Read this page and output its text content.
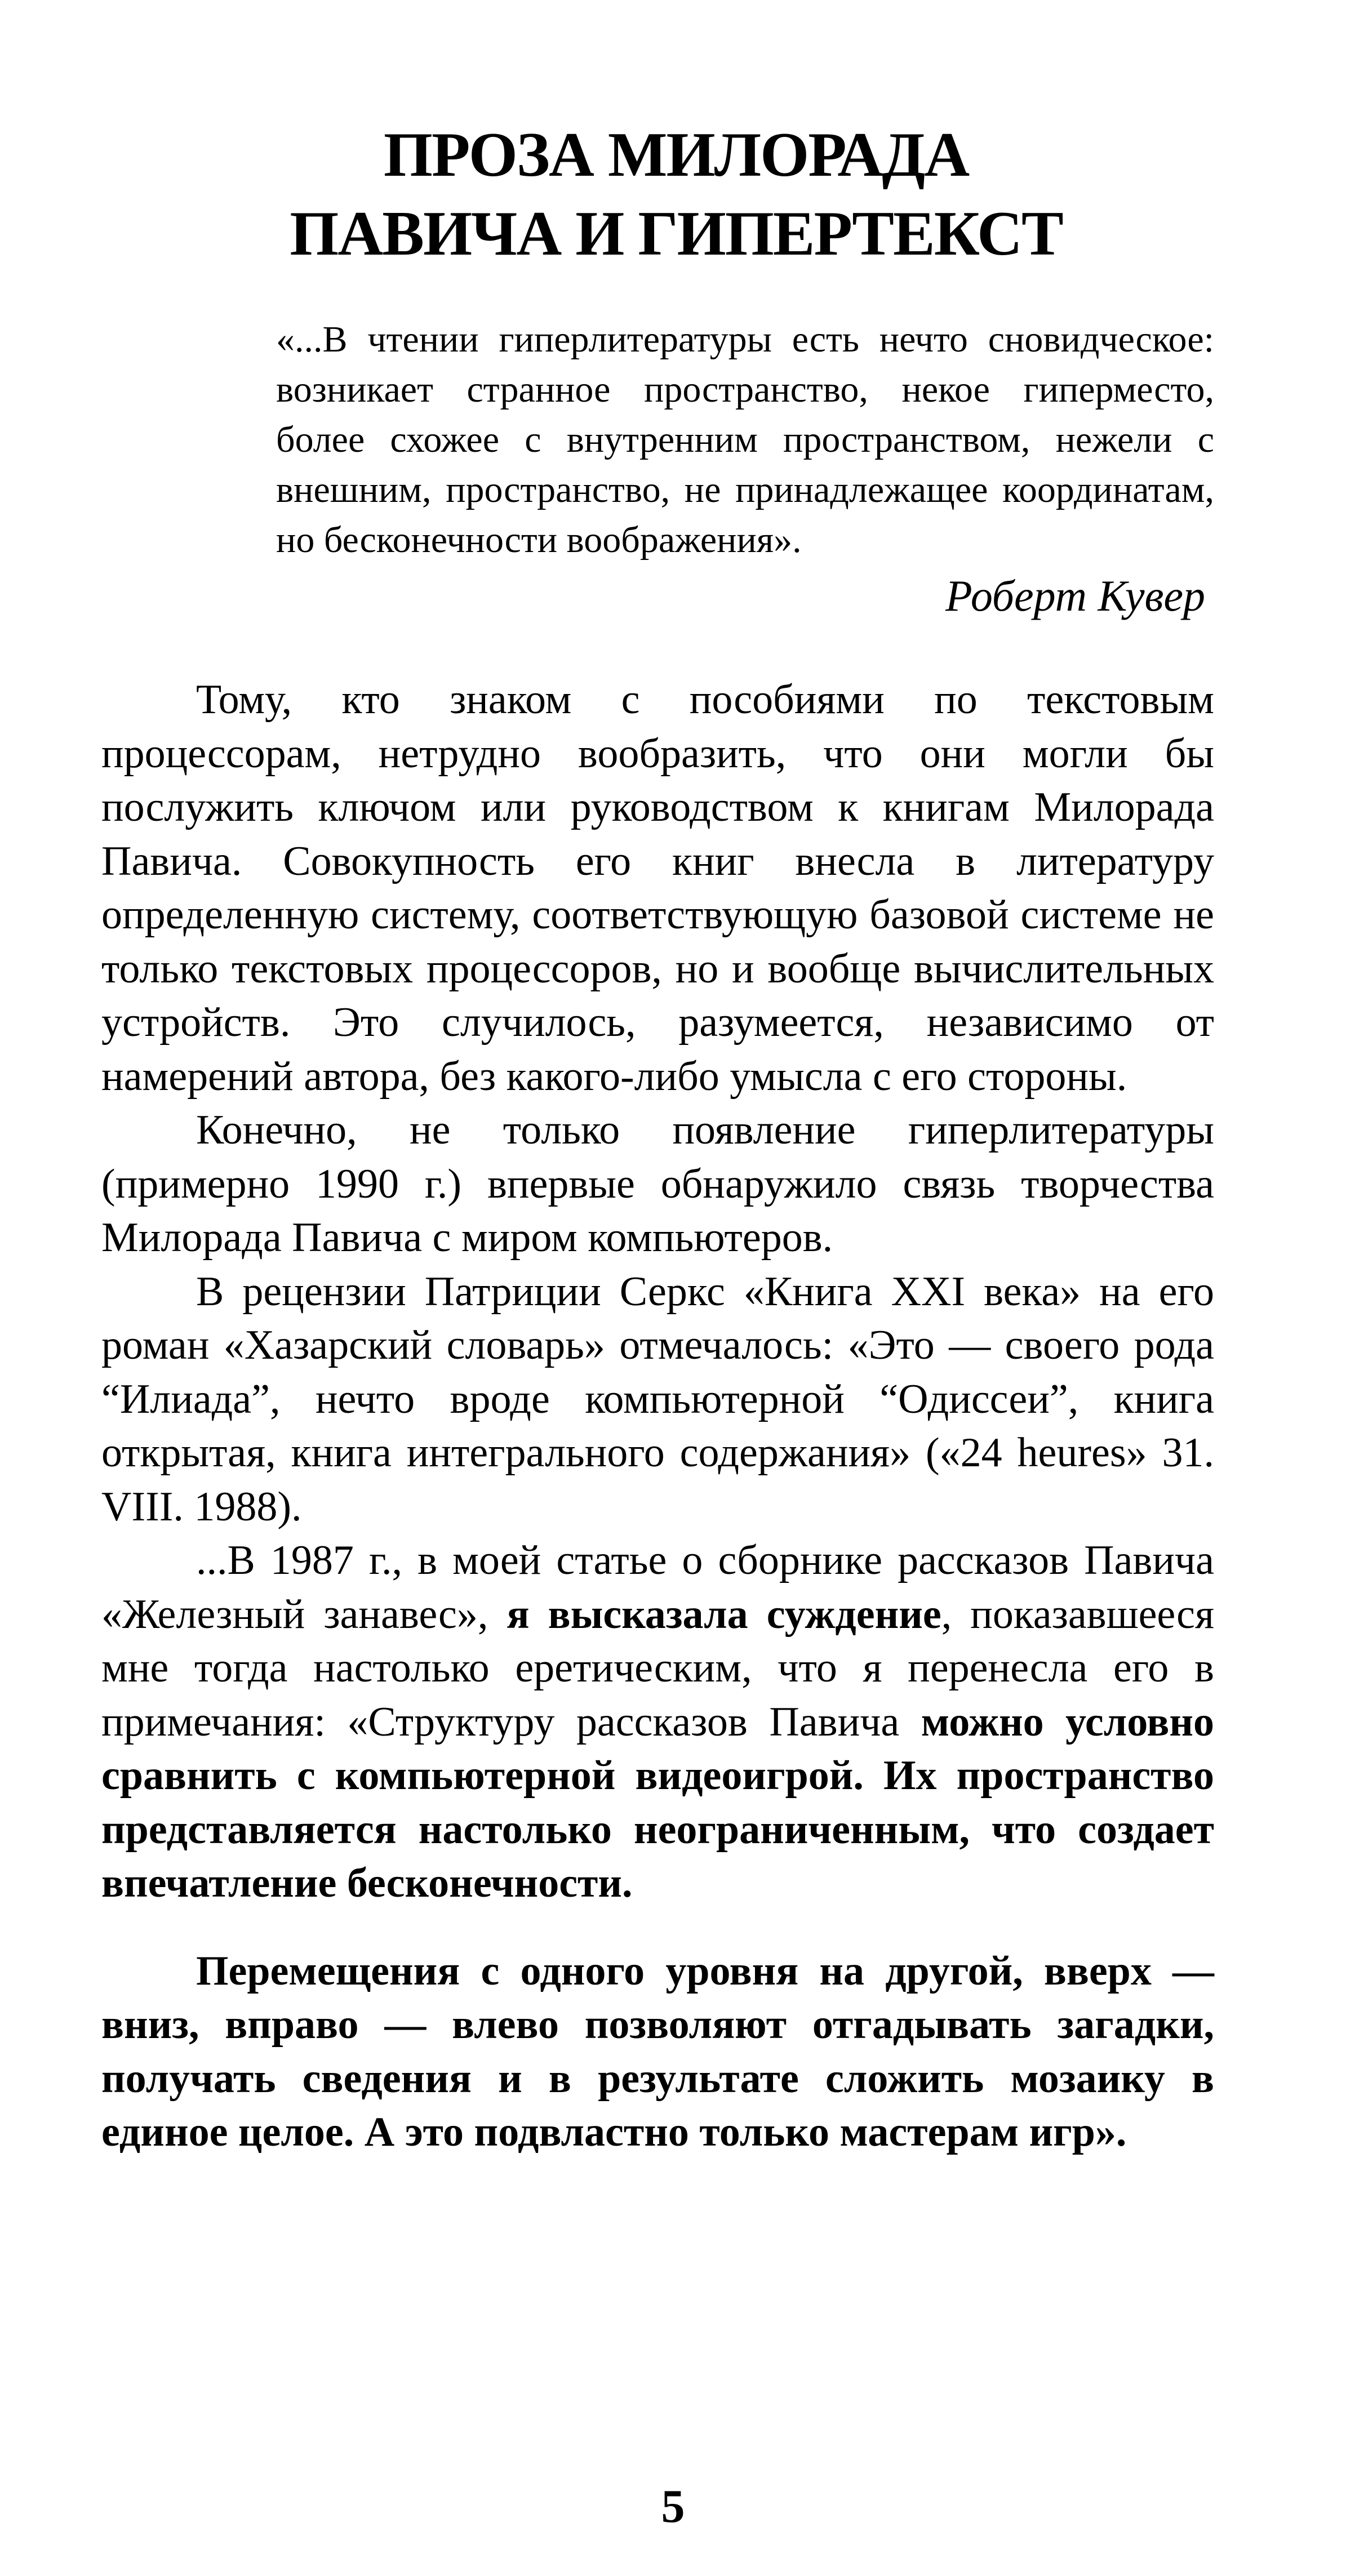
ПРОЗА МИЛОРАДА
ПАВИЧА И ГИПЕРТЕКСТ
«...В чтении гиперлитературы есть нечто сновидческое: возникает странное пространство, некое гиперместо, более схожее с внутренним пространством, нежели с внешним, пространство, не принадлежащее координатам, но бесконечности воображения».
Роберт Кувер

Тому, кто знаком с пособиями по текстовым процессорам, нетрудно вообразить, что они могли бы послужить ключом или руководством к книгам Милорада Павича. Совокупность его книг внесла в литературу определенную систему, соответствующую базовой системе не только текстовых процессоров, но и вообще вычислительных устройств. Это случилось, разумеется, независимо от намерений автора, без какого-либо умысла с его стороны.

Конечно, не только появление гиперлитературы (примерно 1990 г.) впервые обнаружило связь творчества Милорада Павича с миром компьютеров.

В рецензии Патриции Серкс «Книга XXI века» на его роман «Хазарский словарь» отмечалось: «Это — своего рода “Илиада”, нечто вроде компьютерной “Одиссеи”, книга открытая, книга интегрального содержания» («24 heures» 31. VIII. 1988).

...В 1987 г., в моей статье о сборнике рассказов Павича «Железный занавес», я высказала суждение, показавшееся мне тогда настолько еретическим, что я перенесла его в примечания: «Структуру рассказов Павича можно условно сравнить с компьютерной видеоигрой. Их пространство представляется настолько неограниченным, что создает впечатление бесконечности.

Перемещения с одного уровня на другой, вверх — вниз, вправо — влево позволяют отгадывать загадки, получать сведения и в результате сложить мозаику в единое целое. А это подвластно только мастерам игр».

5
